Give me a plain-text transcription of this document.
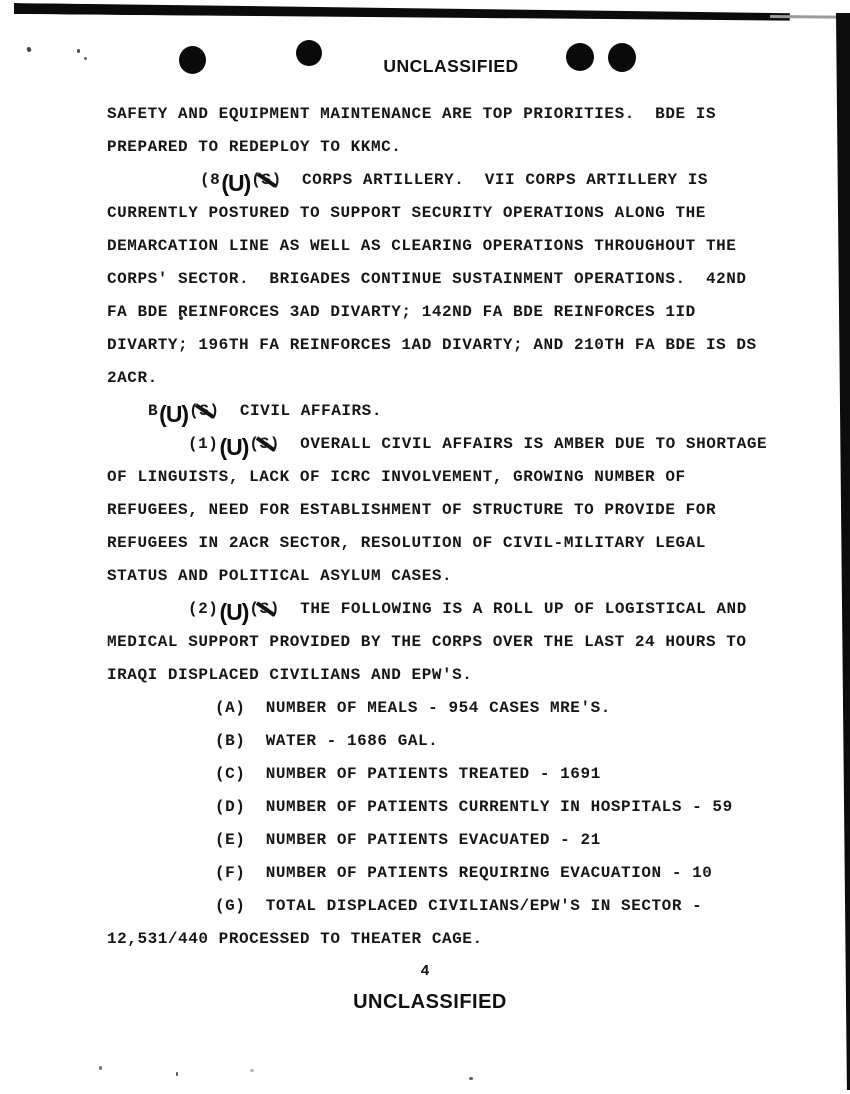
UNCLASSIFIED
SAFETY AND EQUIPMENT MAINTENANCE ARE TOP PRIORITIES.  BDE IS
PREPARED TO REDEPLOY TO KKMC.
(8(U)(S)  CORPS ARTILLERY.  VII CORPS ARTILLERY IS
CURRENTLY POSTURED TO SUPPORT SECURITY OPERATIONS ALONG THE
DEMARCATION LINE AS WELL AS CLEARING OPERATIONS THROUGHOUT THE
CORPS' SECTOR.  BRIGADES CONTINUE SUSTAINMENT OPERATIONS.  42ND
FA BDE REINFORCES 3AD DIVARTY; 142ND FA BDE REINFORCES 1ID
DIVARTY; 196TH FA REINFORCES 1AD DIVARTY; AND 210TH FA BDE IS DS
2ACR.
B(U)(S)  CIVIL AFFAIRS.
(1)(U)(S)  OVERALL CIVIL AFFAIRS IS AMBER DUE TO SHORTAGE
OF LINGUISTS, LACK OF ICRC INVOLVEMENT, GROWING NUMBER OF
REFUGEES, NEED FOR ESTABLISHMENT OF STRUCTURE TO PROVIDE FOR
REFUGEES IN 2ACR SECTOR, RESOLUTION OF CIVIL-MILITARY LEGAL
STATUS AND POLITICAL ASYLUM CASES.
(2)(U)(S)  THE FOLLOWING IS A ROLL UP OF LOGISTICAL AND
MEDICAL SUPPORT PROVIDED BY THE CORPS OVER THE LAST 24 HOURS TO
IRAQI DISPLACED CIVILIANS AND EPW'S.
(A)  NUMBER OF MEALS - 954 CASES MRE'S.
(B)  WATER - 1686 GAL.
(C)  NUMBER OF PATIENTS TREATED - 1691
(D)  NUMBER OF PATIENTS CURRENTLY IN HOSPITALS - 59
(E)  NUMBER OF PATIENTS EVACUATED - 21
(F)  NUMBER OF PATIENTS REQUIRING EVACUATION - 10
(G)  TOTAL DISPLACED CIVILIANS/EPW'S IN SECTOR -
12,531/440 PROCESSED TO THEATER CAGE.
4
UNCLASSIFIED
